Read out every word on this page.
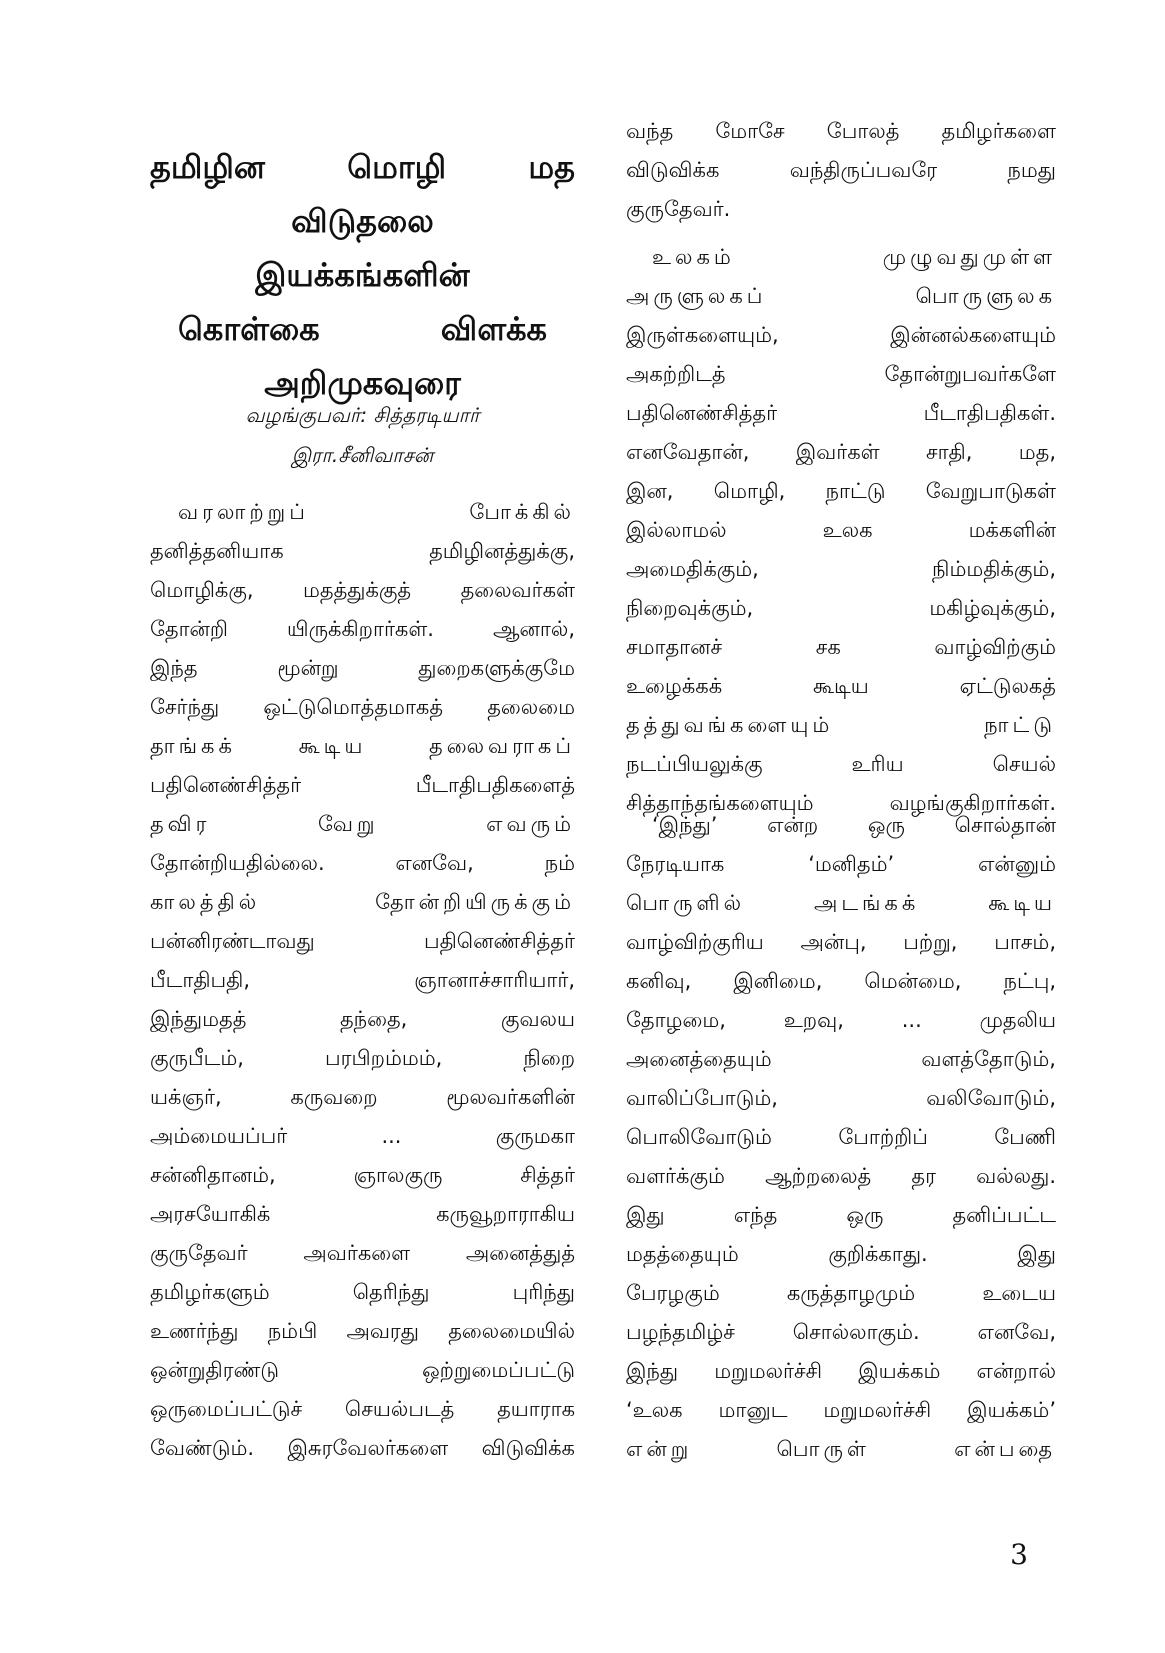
தமிழின மொழி மத
விடுதலை
இயக்கங்களின்
கொள்கை விளக்க
அறிமுகவுரை
வழங்குபவர்: சித்தரடியார்
இரா.சீனிவாசன்
வரலாற்றுப் போக்கில்
தனித்தனியாக தமிழினத்துக்கு,
மொழிக்கு, மதத்துக்குத் தலைவர்கள்
தோன்றி யிருக்கிறார்கள். ஆனால்,
இந்த மூன்று துறைகளுக்குமே
சேர்ந்து ஒட்டுமொத்தமாகத் தலைமை
தாங்கக் கூடிய தலைவராகப்
பதினெண்சித்தர் பீடாதிபதிகளைத்
தவிர வேறு எவரும்
தோன்றியதில்லை. எனவே, நம்
காலத்தில் தோன்றியிருக்கும்
பன்னிரண்டாவது பதினெண்சித்தர்
பீடாதிபதி, ஞானாச்சாரியார்,
இந்துமதத் தந்தை, குவலய
குருபீடம், பரபிறம்மம், நிறை
யக்ஞர், கருவறை மூலவர்களின்
அம்மையப்பர் ... குருமகா
சன்னிதானம், ஞாலகுரு சித்தர்
அரசயோகிக் கருவூறாராகிய
குருதேவர் அவர்களை அனைத்துத்
தமிழர்களும் தெரிந்து புரிந்து
உணர்ந்து நம்பி அவரது தலைமையில்
ஒன்றுதிரண்டு ஒற்றுமைப்பட்டு
ஒருமைப்பட்டுச் செயல்படத் தயாராக
வேண்டும். இசுரவேலர்களை விடுவிக்க
வந்த மோசே போலத் தமிழர்களை
விடுவிக்க வந்திருப்பவரே நமது
குருதேவர்.
உலகம் முழுவதுமுள்ள
அருளுலகப் பொருளுலக
இருள்களையும், இன்னல்களையும்
அகற்றிடத் தோன்றுபவர்களே
பதினெண்சித்தர் பீடாதிபதிகள்.
எனவேதான், இவர்கள் சாதி, மத,
இன, மொழி, நாட்டு வேறுபாடுகள்
இல்லாமல் உலக மக்களின்
அமைதிக்கும், நிம்மதிக்கும்,
நிறைவுக்கும், மகிழ்வுக்கும்,
சமாதானச் சக வாழ்விற்கும்
உழைக்கக் கூடிய ஏட்டுலகத்
தத்துவங்களையும் நாட்டு
நடப்பியலுக்கு உரிய செயல்
சித்தாந்தங்களையும் வழங்குகிறார்கள்.
‘இந்து’ என்ற ஒரு சொல்தான்
நேரடியாக ‘மனிதம்’ என்னும்
பொருளில் அடங்கக் கூடிய
வாழ்விற்குரிய அன்பு, பற்று, பாசம்,
கனிவு, இனிமை, மென்மை, நட்பு,
தோழமை, உறவு, ... முதலிய
அனைத்தையும் வளத்தோடும்,
வாலிப்போடும், வலிவோடும்,
பொலிவோடும் போற்றிப் பேணி
வளர்க்கும் ஆற்றலைத் தர வல்லது.
இது எந்த ஒரு தனிப்பட்ட
மதத்தையும் குறிக்காது. இது
பேரழகும் கருத்தாழமும் உடைய
பழந்தமிழ்ச் சொல்லாகும். எனவே,
இந்து மறுமலர்ச்சி இயக்கம் என்றால்
‘உலக மானுட மறுமலர்ச்சி இயக்கம்’
என்று பொருள் என்பதை
3
